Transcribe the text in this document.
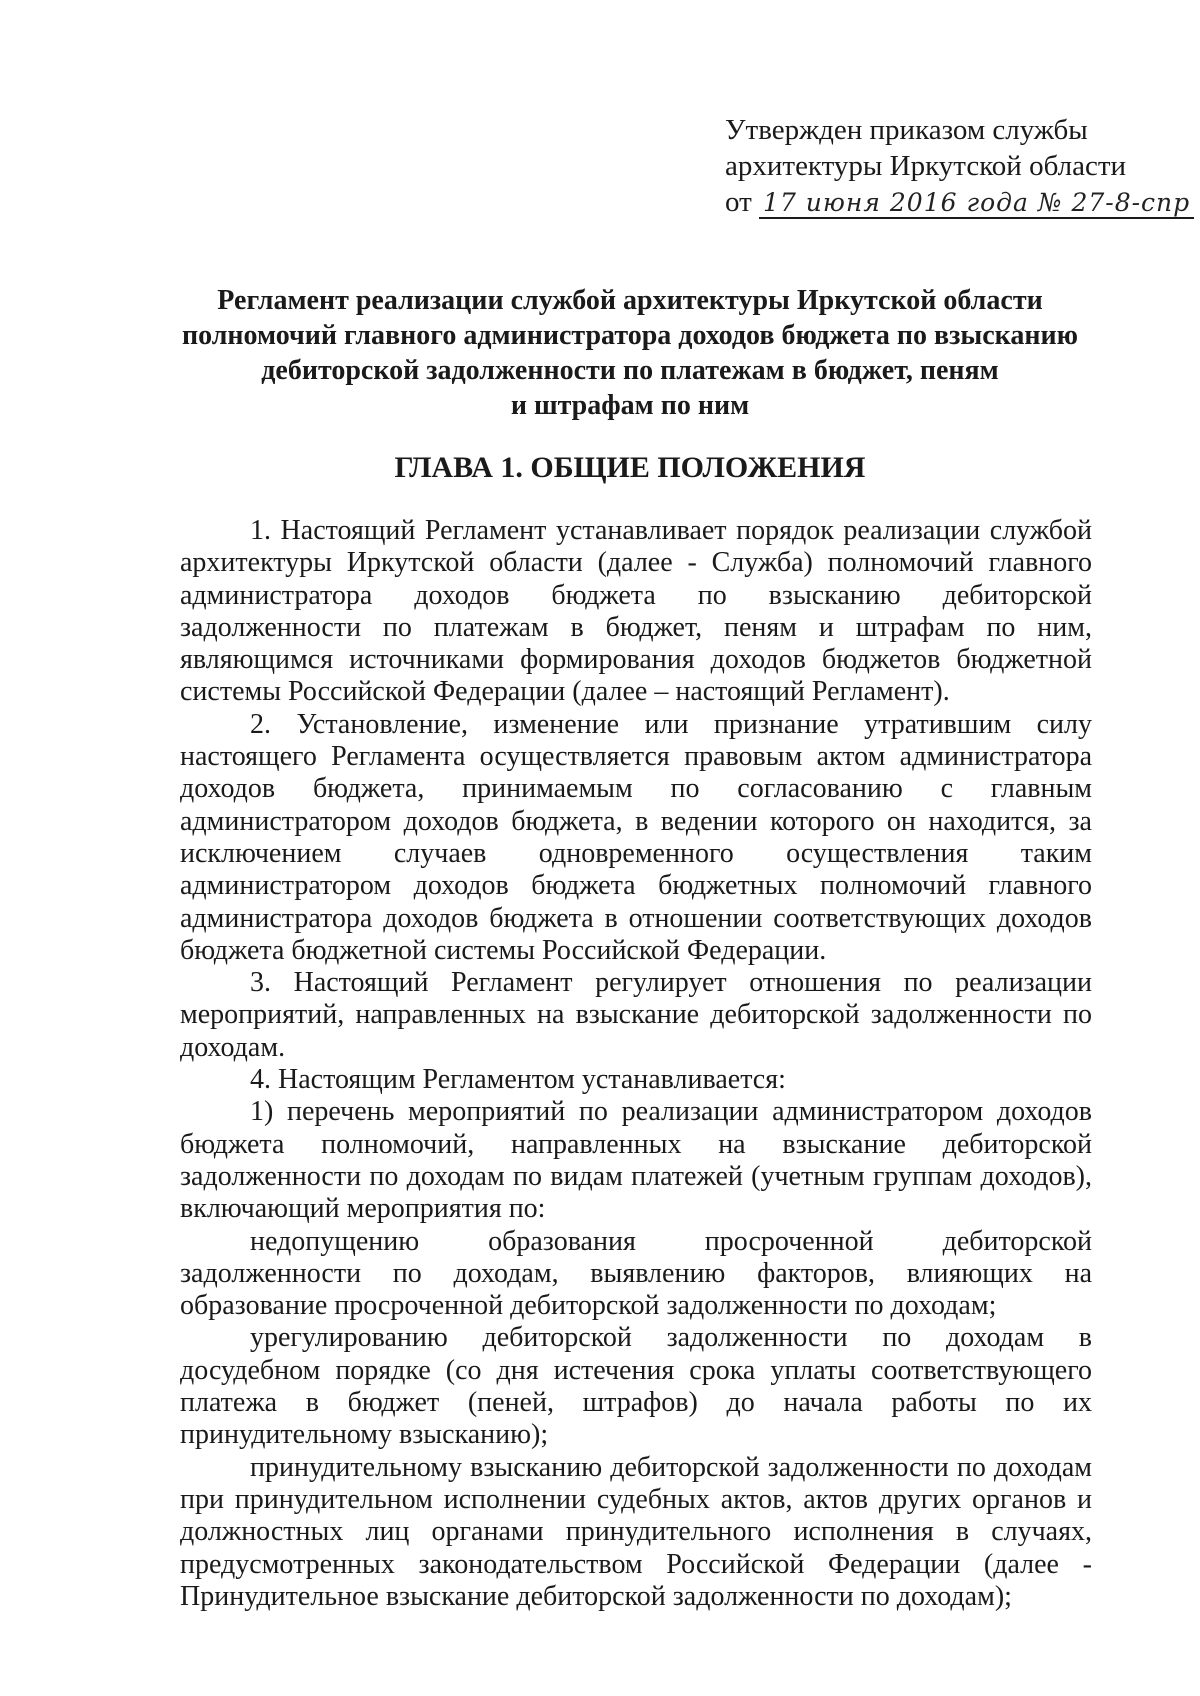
Утвержден приказом службы
архитектуры Иркутской области
от 17 июня 2016 года № 27-8-спр
Регламент реализации службой архитектуры Иркутской области
полномочий главного администратора доходов бюджета по взысканию
дебиторской задолженности по платежам в бюджет, пеням
и штрафам по ним
ГЛАВА 1. ОБЩИЕ ПОЛОЖЕНИЯ

1. Настоящий Регламент устанавливает порядок реализации службой архитектуры Иркутской области (далее - Служба) полномочий главного администратора доходов бюджета по взысканию дебиторской задолженности по платежам в бюджет, пеням и штрафам по ним, являющимся источниками формирования доходов бюджетов бюджетной системы Российской Федерации (далее – настоящий Регламент).

2. Установление, изменение или признание утратившим силу настоящего Регламента осуществляется правовым актом администратора доходов бюджета, принимаемым по согласованию с главным администратором доходов бюджета, в ведении которого он находится, за исключением случаев одновременного осуществления таким администратором доходов бюджета бюджетных полномочий главного администратора доходов бюджета в отношении соответствующих доходов бюджета бюджетной системы Российской Федерации.

3. Настоящий Регламент регулирует отношения по реализации мероприятий, направленных на взыскание дебиторской задолженности по доходам.

4. Настоящим Регламентом устанавливается:

1) перечень мероприятий по реализации администратором доходов бюджета полномочий, направленных на взыскание дебиторской задолженности по доходам по видам платежей (учетным группам доходов), включающий мероприятия по:

недопущению образования просроченной дебиторской задолженности по доходам, выявлению факторов, влияющих на образование просроченной дебиторской задолженности по доходам;

урегулированию дебиторской задолженности по доходам в досудебном порядке (со дня истечения срока уплаты соответствующего платежа в бюджет (пеней, штрафов) до начала работы по их принудительному взысканию);

принудительному взысканию дебиторской задолженности по доходам при принудительном исполнении судебных актов, актов других органов и должностных лиц органами принудительного исполнения в случаях, предусмотренных законодательством Российской Федерации (далее - Принудительное взыскание дебиторской задолженности по доходам);
